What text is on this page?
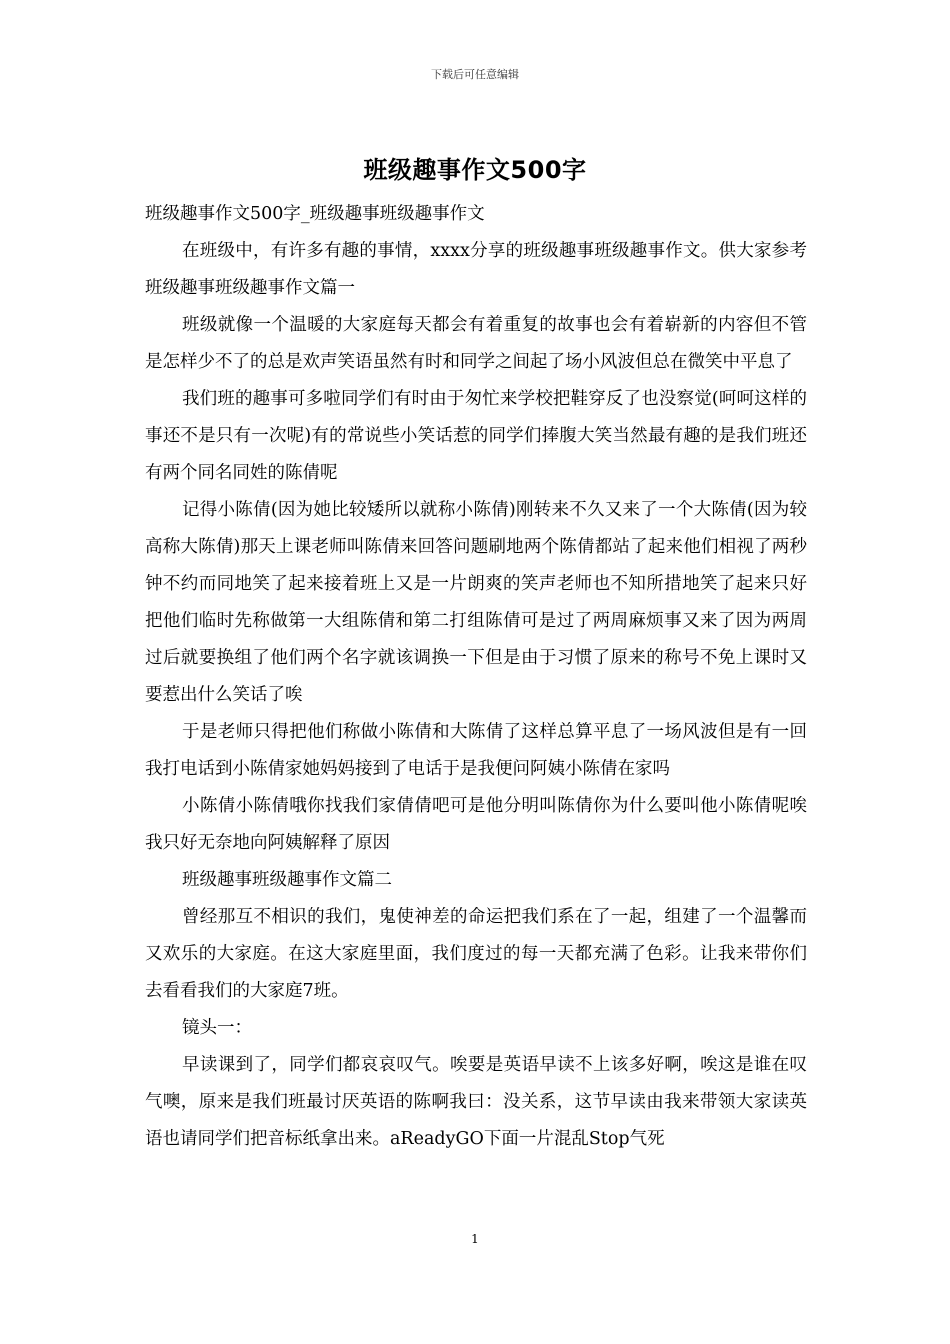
下载后可任意编辑
班级趣事作文500字

班级趣事作文500字_班级趣事班级趣事作文

在班级中，有许多有趣的事情，xxxx分享的班级趣事班级趣事作文。供大家参考班级趣事班级趣事作文篇一

班级就像一个温暖的大家庭每天都会有着重复的故事也会有着崭新的内容但不管是怎样少不了的总是欢声笑语虽然有时和同学之间起了场小风波但总在微笑中平息了

我们班的趣事可多啦同学们有时由于匆忙来学校把鞋穿反了也没察觉(呵呵这样的事还不是只有一次呢)有的常说些小笑话惹的同学们捧腹大笑当然最有趣的是我们班还有两个同名同姓的陈倩呢

记得小陈倩(因为她比较矮所以就称小陈倩)刚转来不久又来了一个大陈倩(因为较高称大陈倩)那天上课老师叫陈倩来回答问题刷地两个陈倩都站了起来他们相视了两秒钟不约而同地笑了起来接着班上又是一片朗爽的笑声老师也不知所措地笑了起来只好把他们临时先称做第一大组陈倩和第二打组陈倩可是过了两周麻烦事又来了因为两周过后就要换组了他们两个名字就该调换一下但是由于习惯了原来的称号不免上课时又要惹出什么笑话了唉

于是老师只得把他们称做小陈倩和大陈倩了这样总算平息了一场风波但是有一回我打电话到小陈倩家她妈妈接到了电话于是我便问阿姨小陈倩在家吗

小陈倩小陈倩哦你找我们家倩倩吧可是他分明叫陈倩你为什么要叫他小陈倩呢唉我只好无奈地向阿姨解释了原因

班级趣事班级趣事作文篇二

曾经那互不相识的我们，鬼使神差的命运把我们系在了一起，组建了一个温馨而又欢乐的大家庭。在这大家庭里面，我们度过的每一天都充满了色彩。让我来带你们去看看我们的大家庭7班。

镜头一：

早读课到了，同学们都哀哀叹气。唉要是英语早读不上该多好啊，唉这是谁在叹气噢，原来是我们班最讨厌英语的陈啊我曰：没关系，这节早读由我来带领大家读英语也请同学们把音标纸拿出来。aReadyGO下面一片混乱Stop气死

1
